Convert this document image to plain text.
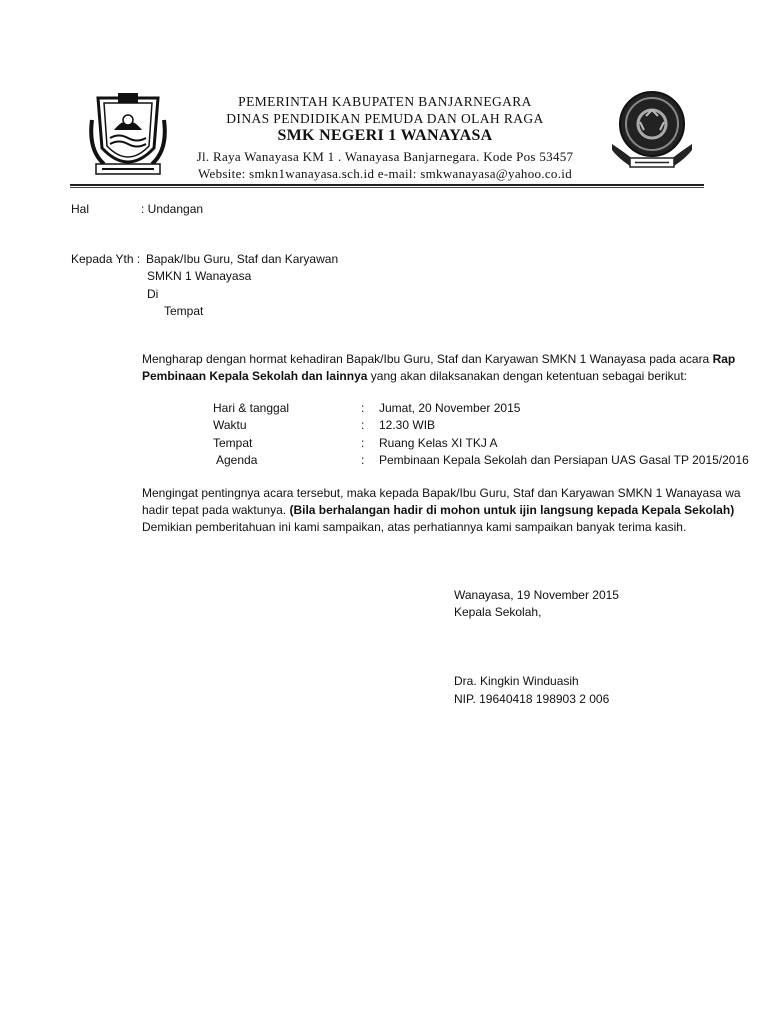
PEMERINTAH KABUPATEN BANJARNEGARA
DINAS PENDIDIKAN PEMUDA DAN OLAH RAGA
SMK NEGERI 1 WANAYASA
Jl. Raya Wanayasa KM 1 . Wanayasa Banjarnegara. Kode Pos 53457
Website: smkn1wanayasa.sch.id e-mail: smkwanayasa@yahoo.co.id
Hal	: Undangan
Kepada Yth : Bapak/Ibu Guru, Staf dan Karyawan
SMKN 1 Wanayasa
Di
Tempat
Mengharap dengan hormat kehadiran Bapak/Ibu Guru, Staf dan Karyawan SMKN 1 Wanayasa pada acara Rap
Pembinaan Kepala Sekolah dan lainnya yang akan dilaksanakan dengan ketentuan sebagai berikut:
Hari & tanggal	: Jumat, 20 November 2015
Waktu	: 12.30 WIB
Tempat	: Ruang Kelas XI TKJ A
Agenda	: Pembinaan Kepala Sekolah dan Persiapan UAS Gasal TP 2015/2016
Mengingat pentingnya acara tersebut, maka kepada Bapak/Ibu Guru, Staf dan Karyawan SMKN 1 Wanayasa wa
hadir tepat pada waktunya. (Bila berhalangan hadir di mohon untuk ijin langsung kepada Kepala Sekolah)
Demikian pemberitahuan ini kami sampaikan, atas perhatiannya kami sampaikan banyak terima kasih.
Wanayasa, 19 November 2015
Kepala Sekolah,
Dra. Kingkin Winduasih
NIP. 19640418 198903 2 006
